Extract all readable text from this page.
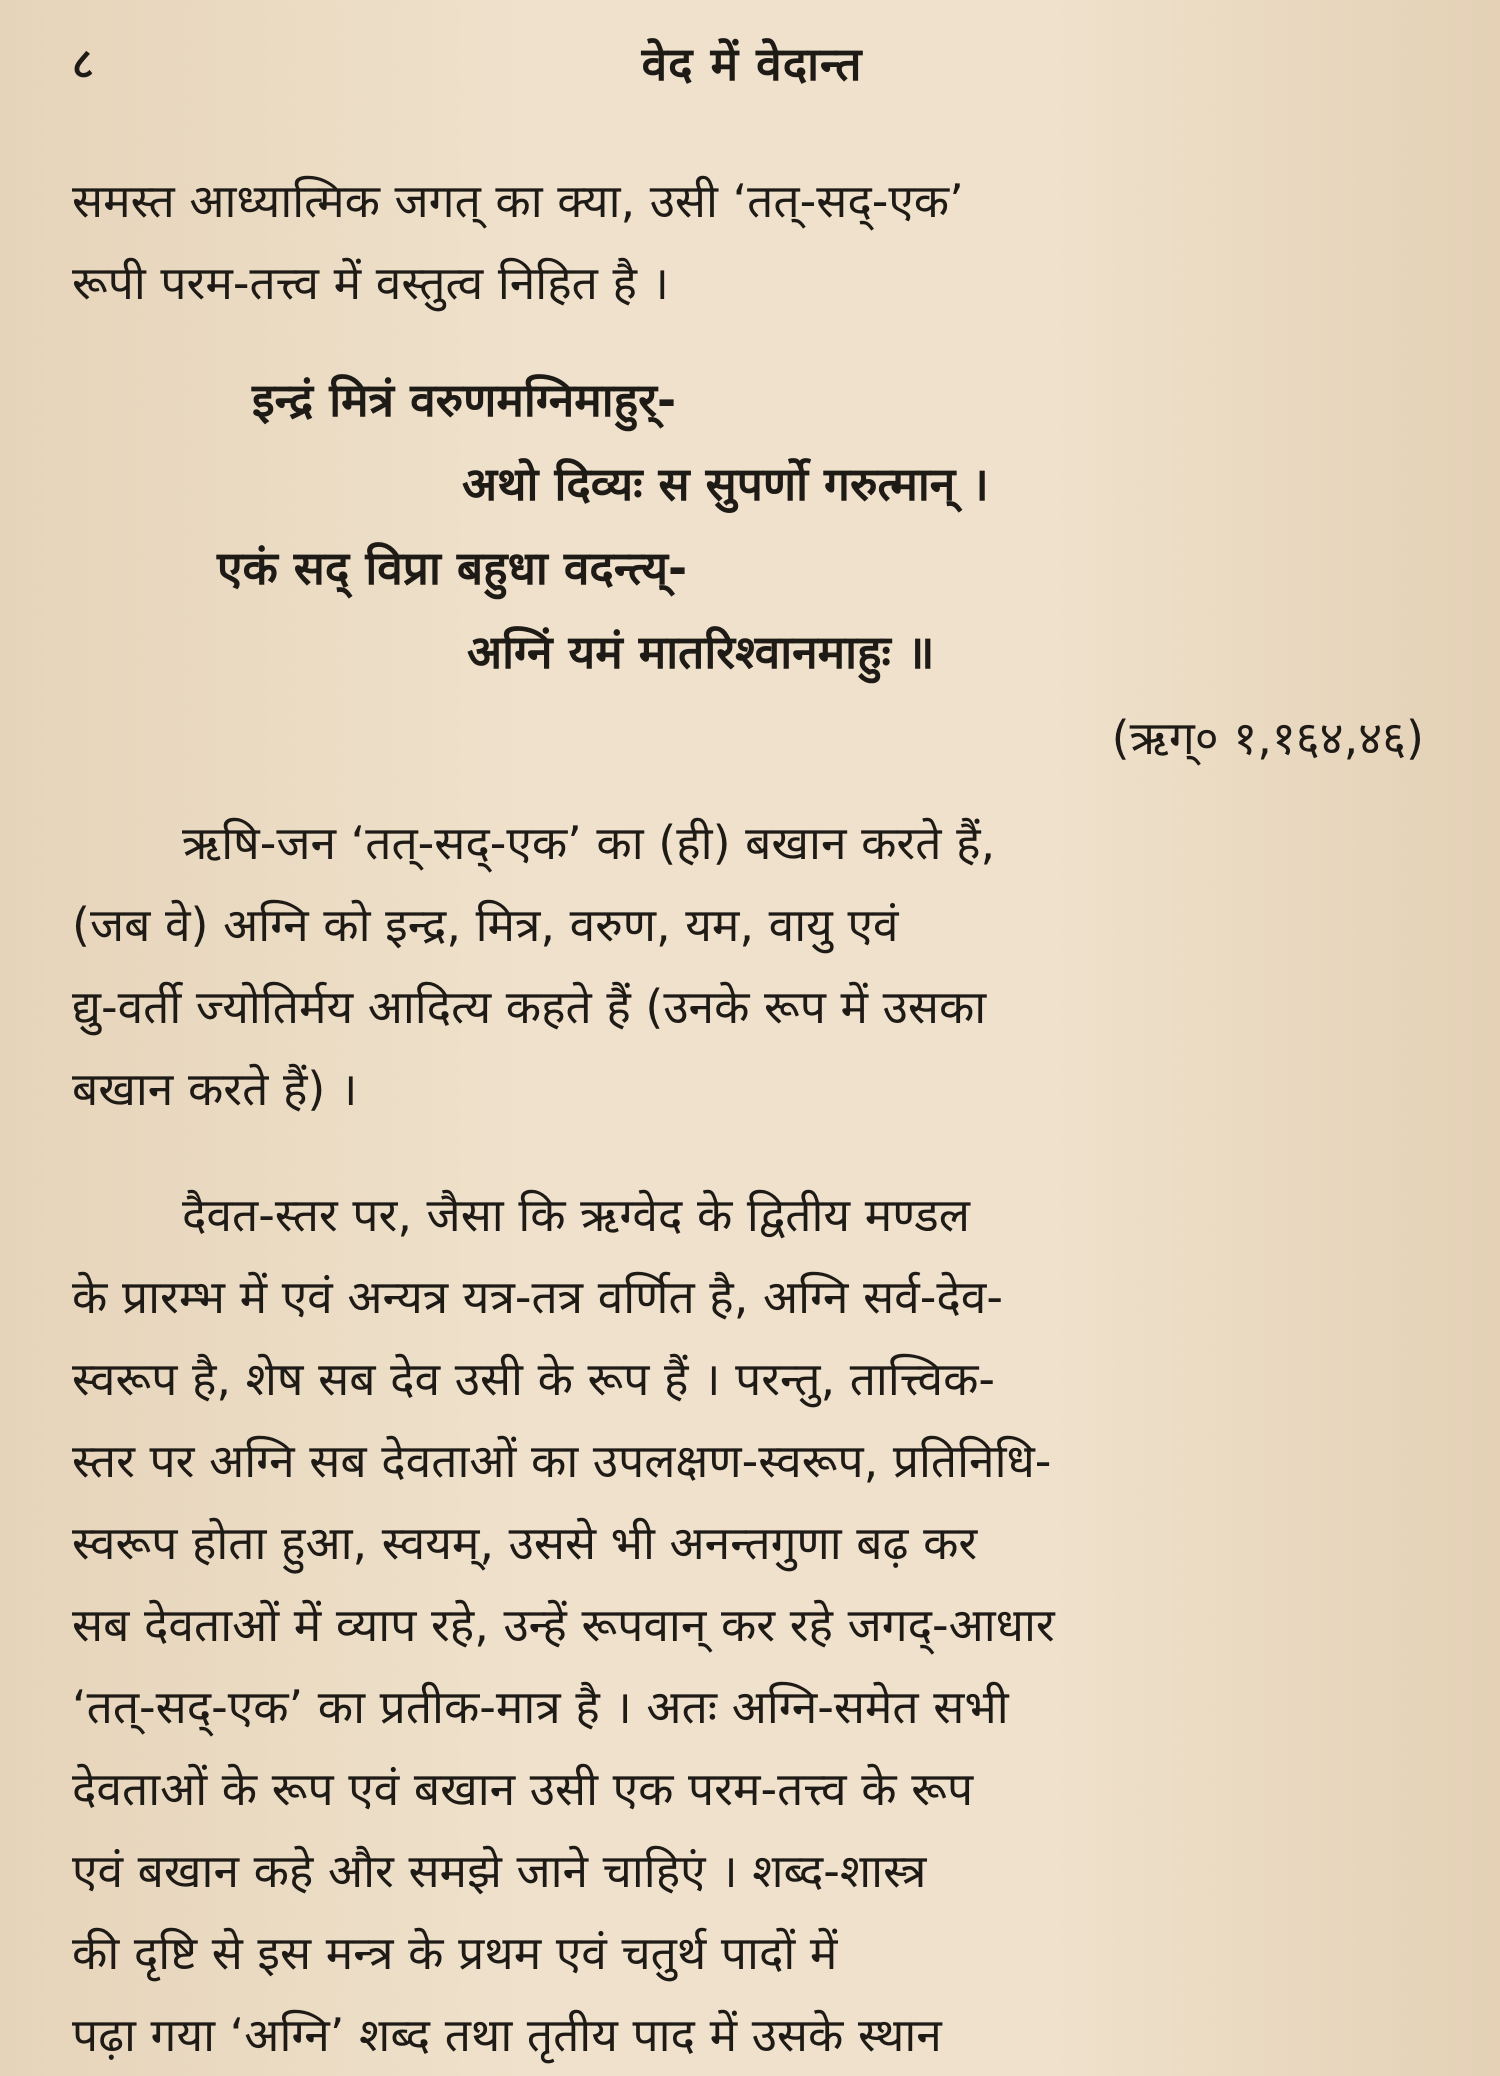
८	वेद में वेदान्त

समस्त आध्यात्मिक जगत् का क्या, उसी ‘तत्-सद्-एक’
रूपी परम-तत्त्व में वस्तुत्व निहित है ।

इन्द्रं मित्रं वरुणमग्निमाहुर्-
अथो दिव्यः स सुपर्णो गरुत्मान् ।
एकं सद् विप्रा बहुधा वदन्त्य्-
अग्निं यमं मातरिश्वानमाहुः ॥
(ऋग्० १,१६४,४६)

ऋषि-जन ‘तत्-सद्-एक’ का (ही) बखान करते हैं,
(जब वे) अग्नि को इन्द्र, मित्र, वरुण, यम, वायु एवं
द्यु-वर्ती ज्योतिर्मय आदित्य कहते हैं (उनके रूप में उसका
बखान करते हैं) ।

दैवत-स्तर पर, जैसा कि ऋग्वेद के द्वितीय मण्डल
के प्रारम्भ में एवं अन्यत्र यत्र-तत्र वर्णित है, अग्नि सर्व-देव-
स्वरूप है, शेष सब देव उसी के रूप हैं । परन्तु, तात्त्विक-
स्तर पर अग्नि सब देवताओं का उपलक्षण-स्वरूप, प्रतिनिधि-
स्वरूप होता हुआ, स्वयम्, उससे भी अनन्तगुणा बढ़ कर
सब देवताओं में व्याप रहे, उन्हें रूपवान् कर रहे जगद्-आधार
‘तत्-सद्-एक’ का प्रतीक-मात्र है । अतः अग्नि-समेत सभी
देवताओं के रूप एवं बखान उसी एक परम-तत्त्व के रूप
एवं बखान कहे और समझे जाने चाहिएं । शब्द-शास्त्र
की दृष्टि से इस मन्त्र के प्रथम एवं चतुर्थ पादों में
पढ़ा गया ‘अग्नि’ शब्द तथा तृतीय पाद में उसके स्थान
